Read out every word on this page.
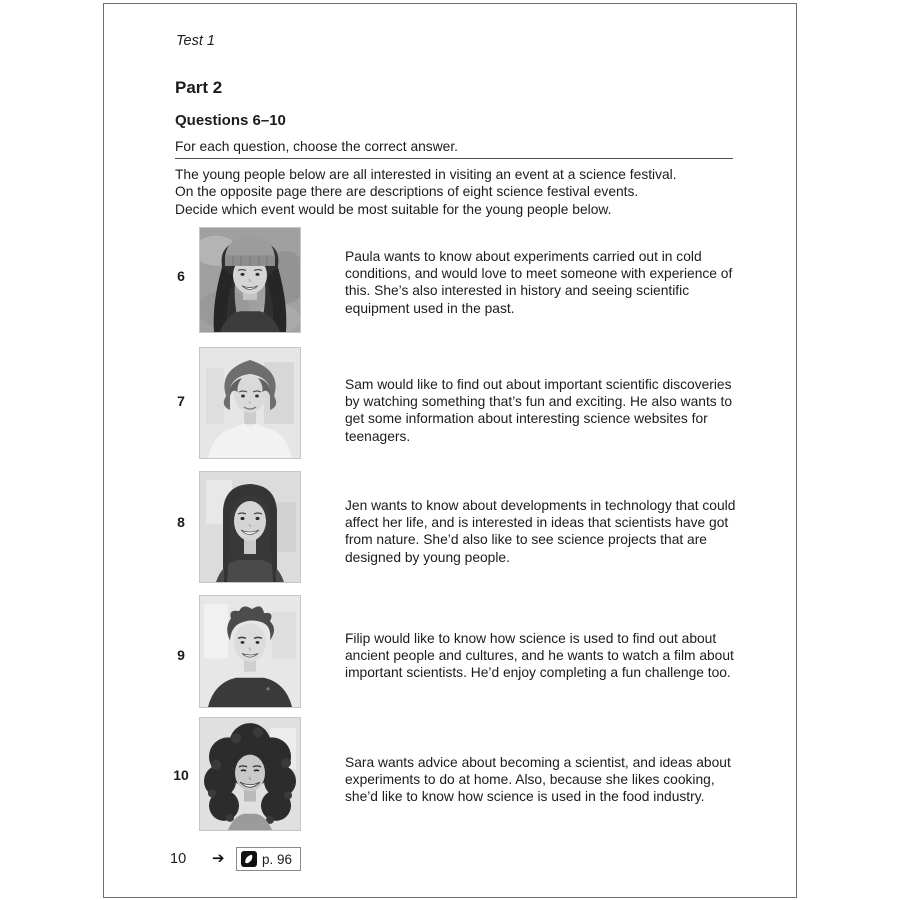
Test 1
Part 2
Questions 6–10
For each question, choose the correct answer.
The young people below are all interested in visiting an event at a science festival.
On the opposite page there are descriptions of eight science festival events.
Decide which event would be most suitable for the young people below.
6
Paula wants to know about experiments carried out in cold conditions, and would love to meet someone with experience of this. She’s also interested in history and seeing scientific equipment used in the past.
7
Sam would like to find out about important scientific discoveries by watching something that’s fun and exciting. He also wants to get some information about interesting science websites for teenagers.
8
Jen wants to know about developments in technology that could affect her life, and is interested in ideas that scientists have got from nature. She’d also like to see science projects that are designed by young people.
9
Filip would like to know how science is used to find out about ancient people and cultures, and he wants to watch a film about important scientists. He’d enjoy completing a fun challenge too.
10
Sara wants advice about becoming a scientist, and ideas about experiments to do at home. Also, because she likes cooking, she’d like to know how science is used in the food industry.
10 ➔	p. 96
